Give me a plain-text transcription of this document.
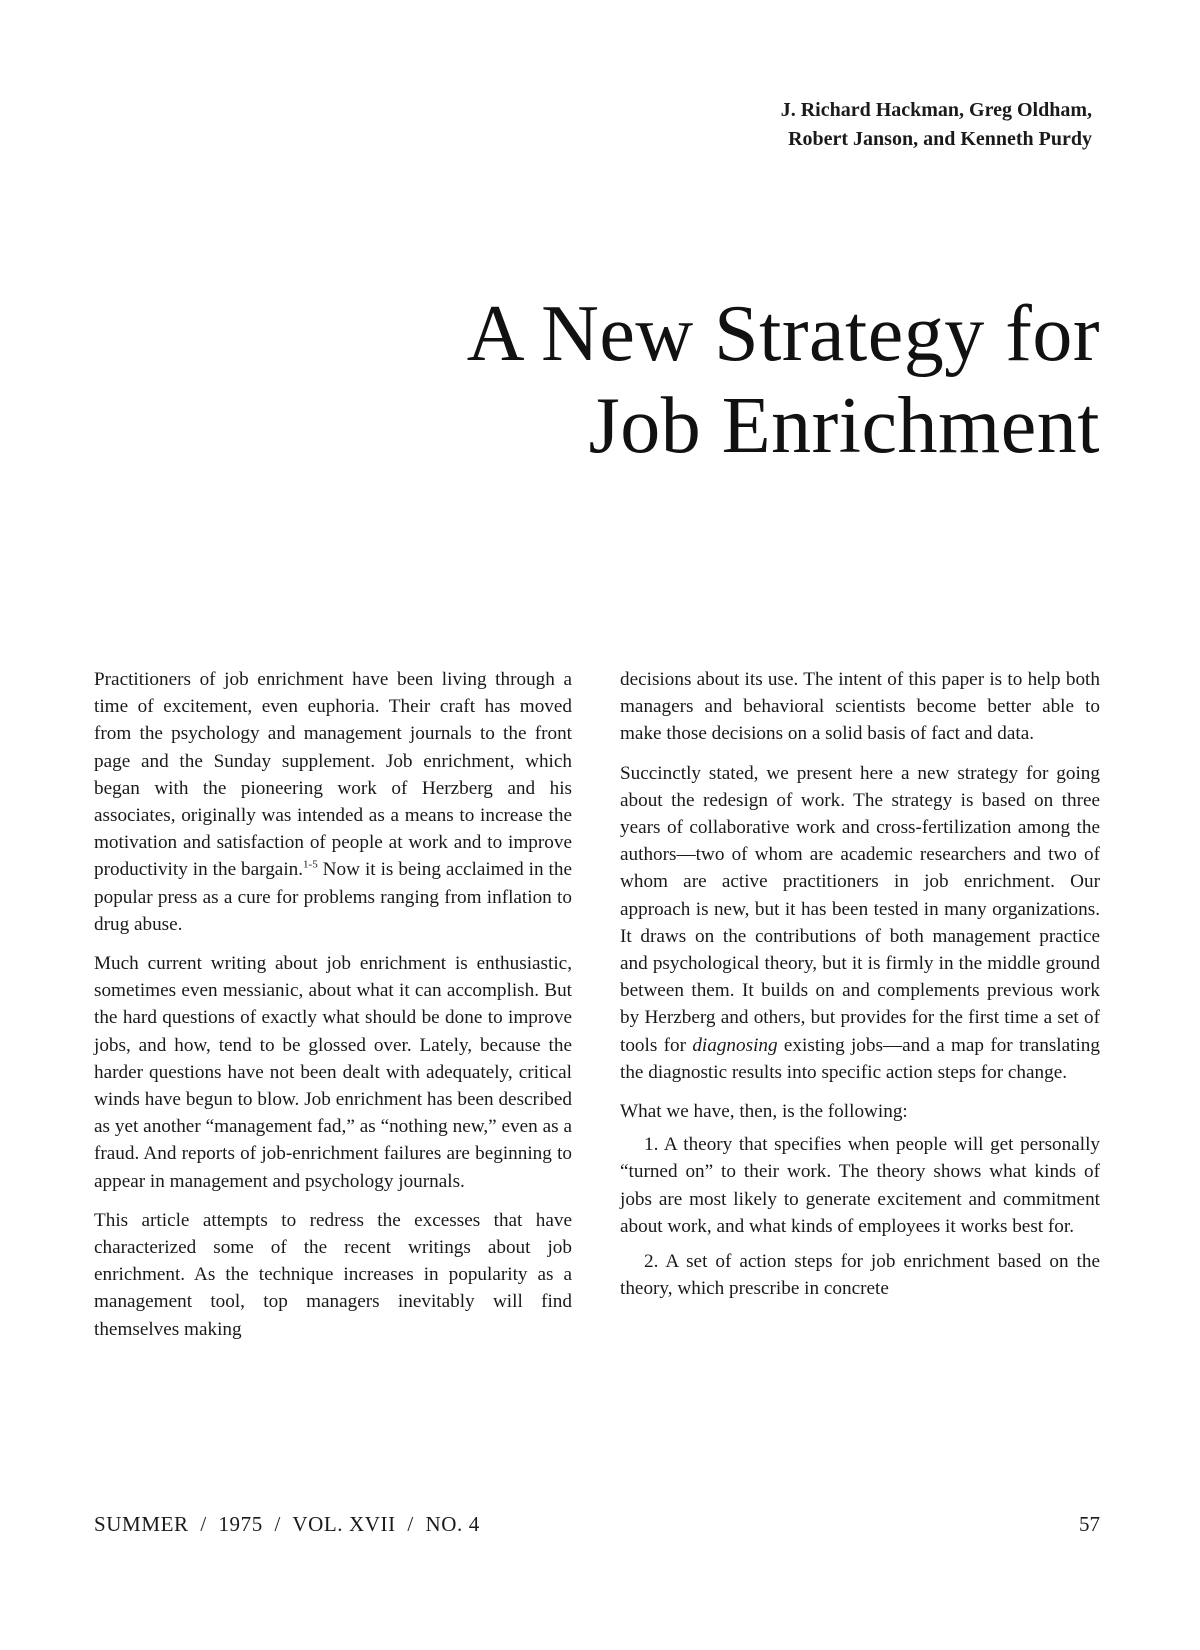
J. Richard Hackman, Greg Oldham,
Robert Janson, and Kenneth Purdy
A New Strategy for
Job Enrichment

Practitioners of job enrichment have been living through a time of excitement, even euphoria. Their craft has moved from the psychology and management journals to the front page and the Sunday supplement. Job enrichment, which began with the pioneering work of Herzberg and his associates, originally was intended as a means to increase the motivation and satisfaction of people at work and to improve productivity in the bargain.$^{1-5}$ Now it is being acclaimed in the popular press as a cure for problems ranging from inflation to drug abuse.

Much current writing about job enrichment is enthusiastic, sometimes even messianic, about what it can accomplish. But the hard questions of exactly what should be done to improve jobs, and how, tend to be glossed over. Lately, because the harder questions have not been dealt with adequately, critical winds have begun to blow. Job enrichment has been described as yet another “management fad,” as “nothing new,” even as a fraud. And reports of job-enrichment failures are beginning to appear in management and psychology journals.

This article attempts to redress the excesses that have characterized some of the recent writings about job enrichment. As the technique increases in popularity as a management tool, top managers inevitably will find themselves making

decisions about its use. The intent of this paper is to help both managers and behavioral scientists become better able to make those decisions on a solid basis of fact and data.

Succinctly stated, we present here a new strategy for going about the redesign of work. The strategy is based on three years of collaborative work and cross-fertilization among the authors—two of whom are academic researchers and two of whom are active practitioners in job enrichment. Our approach is new, but it has been tested in many organizations. It draws on the contributions of both management practice and psychological theory, but it is firmly in the middle ground between them. It builds on and complements previous work by Herzberg and others, but provides for the first time a set of tools for diagnosing existing jobs—and a map for translating the diagnostic results into specific action steps for change.

What we have, then, is the following:

1. A theory that specifies when people will get personally “turned on” to their work. The theory shows what kinds of jobs are most likely to generate excitement and commitment about work, and what kinds of employees it works best for.

2. A set of action steps for job enrichment based on the theory, which prescribe in concrete

SUMMER  /  1975  /  VOL. XVII  /  NO. 4	57
